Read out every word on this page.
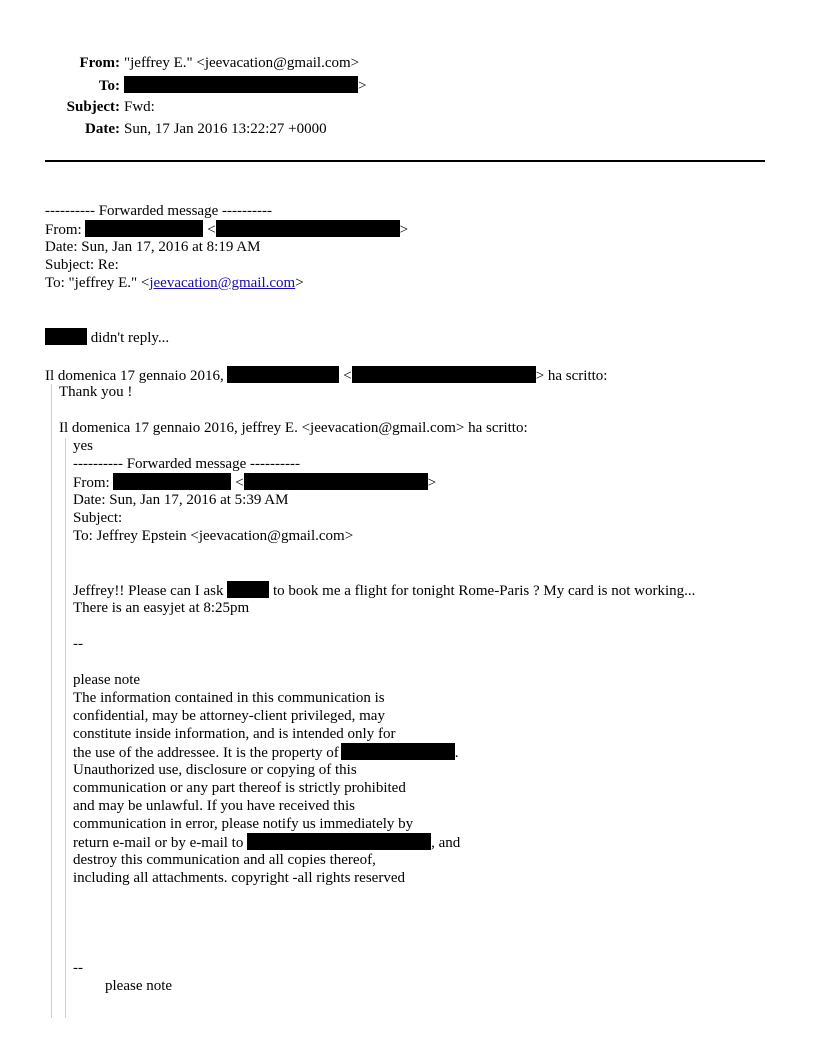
From: "jeffrey E." <jeevacation@gmail.com>
To:	>
Subject: Fwd:
Date: Sun, 17 Jan 2016 13:22:27 +0000
---------- Forwarded message ----------
From:	<	>
Date: Sun, Jan 17, 2016 at 8:19 AM
Subject: Re:
To: "jeffrey E." <jeevacation@gmail.com>
didn't reply...
Il domenica 17 gennaio 2016,	<	> ha scritto:
Thank you !
Il domenica 17 gennaio 2016, jeffrey E. <jeevacation@gmail.com> ha scritto:
yes
---------- Forwarded message ----------
From:	<	>
Date: Sun, Jan 17, 2016 at 5:39 AM
Subject:
To: Jeffrey Epstein <jeevacation@gmail.com>
Jeffrey!! Please can I ask	to book me a flight for tonight Rome-Paris ? My card is not working...
There is an easyjet at 8:25pm
--
please note
The information contained in this communication is
confidential, may be attorney-client privileged, may
constitute inside information, and is intended only for
the use of the addressee. It is the property of	.
Unauthorized use, disclosure or copying of this
communication or any part thereof is strictly prohibited
and may be unlawful. If you have received this
communication in error, please notify us immediately by
return e-mail or by e-mail to	, and
destroy this communication and all copies thereof,
including all attachments. copyright -all rights reserved
--
please note
